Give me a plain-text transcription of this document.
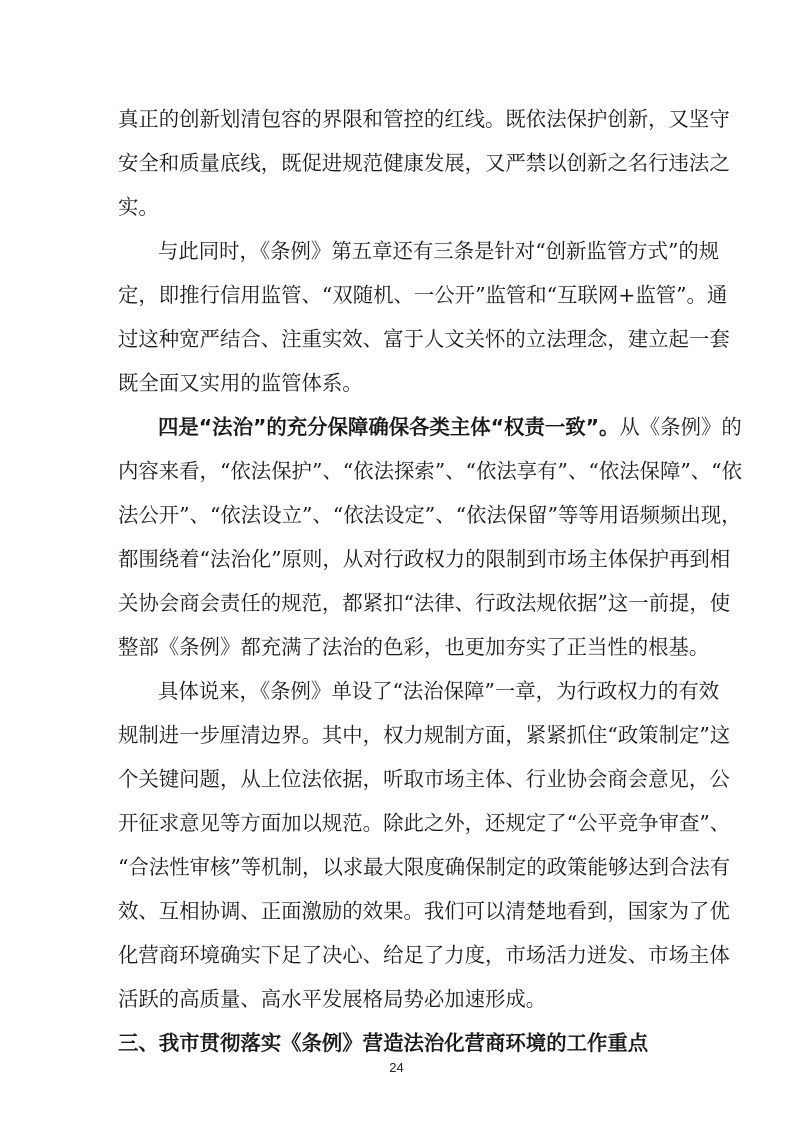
真正的创新划清包容的界限和管控的红线。既依法保护创新，又坚守
安全和质量底线，既促进规范健康发展，又严禁以创新之名行违法之
实。
与此同时，《条例》第五章还有三条是针对“创新监管方式”的规
定，即推行信用监管、“双随机、一公开”监管和“互联网+监管”。通
过这种宽严结合、注重实效、富于人文关怀的立法理念，建立起一套
既全面又实用的监管体系。
四是“法治”的充分保障确保各类主体“权责一致”。从《条例》的
内容来看，“依法保护”、“依法探索”、“依法享有”、“依法保障”、“依
法公开”、“依法设立”、“依法设定”、“依法保留”等等用语频频出现，
都围绕着“法治化”原则，从对行政权力的限制到市场主体保护再到相
关协会商会责任的规范，都紧扣“法律、行政法规依据”这一前提，使
整部《条例》都充满了法治的色彩，也更加夯实了正当性的根基。
具体说来，《条例》单设了“法治保障”一章，为行政权力的有效
规制进一步厘清边界。其中，权力规制方面，紧紧抓住“政策制定”这
个关键问题，从上位法依据，听取市场主体、行业协会商会意见，公
开征求意见等方面加以规范。除此之外，还规定了“公平竞争审查”、
“合法性审核”等机制，以求最大限度确保制定的政策能够达到合法有
效、互相协调、正面激励的效果。我们可以清楚地看到，国家为了优
化营商环境确实下足了决心、给足了力度，市场活力迸发、市场主体
活跃的高质量、高水平发展格局势必加速形成。
三、我市贯彻落实《条例》营造法治化营商环境的工作重点
24
